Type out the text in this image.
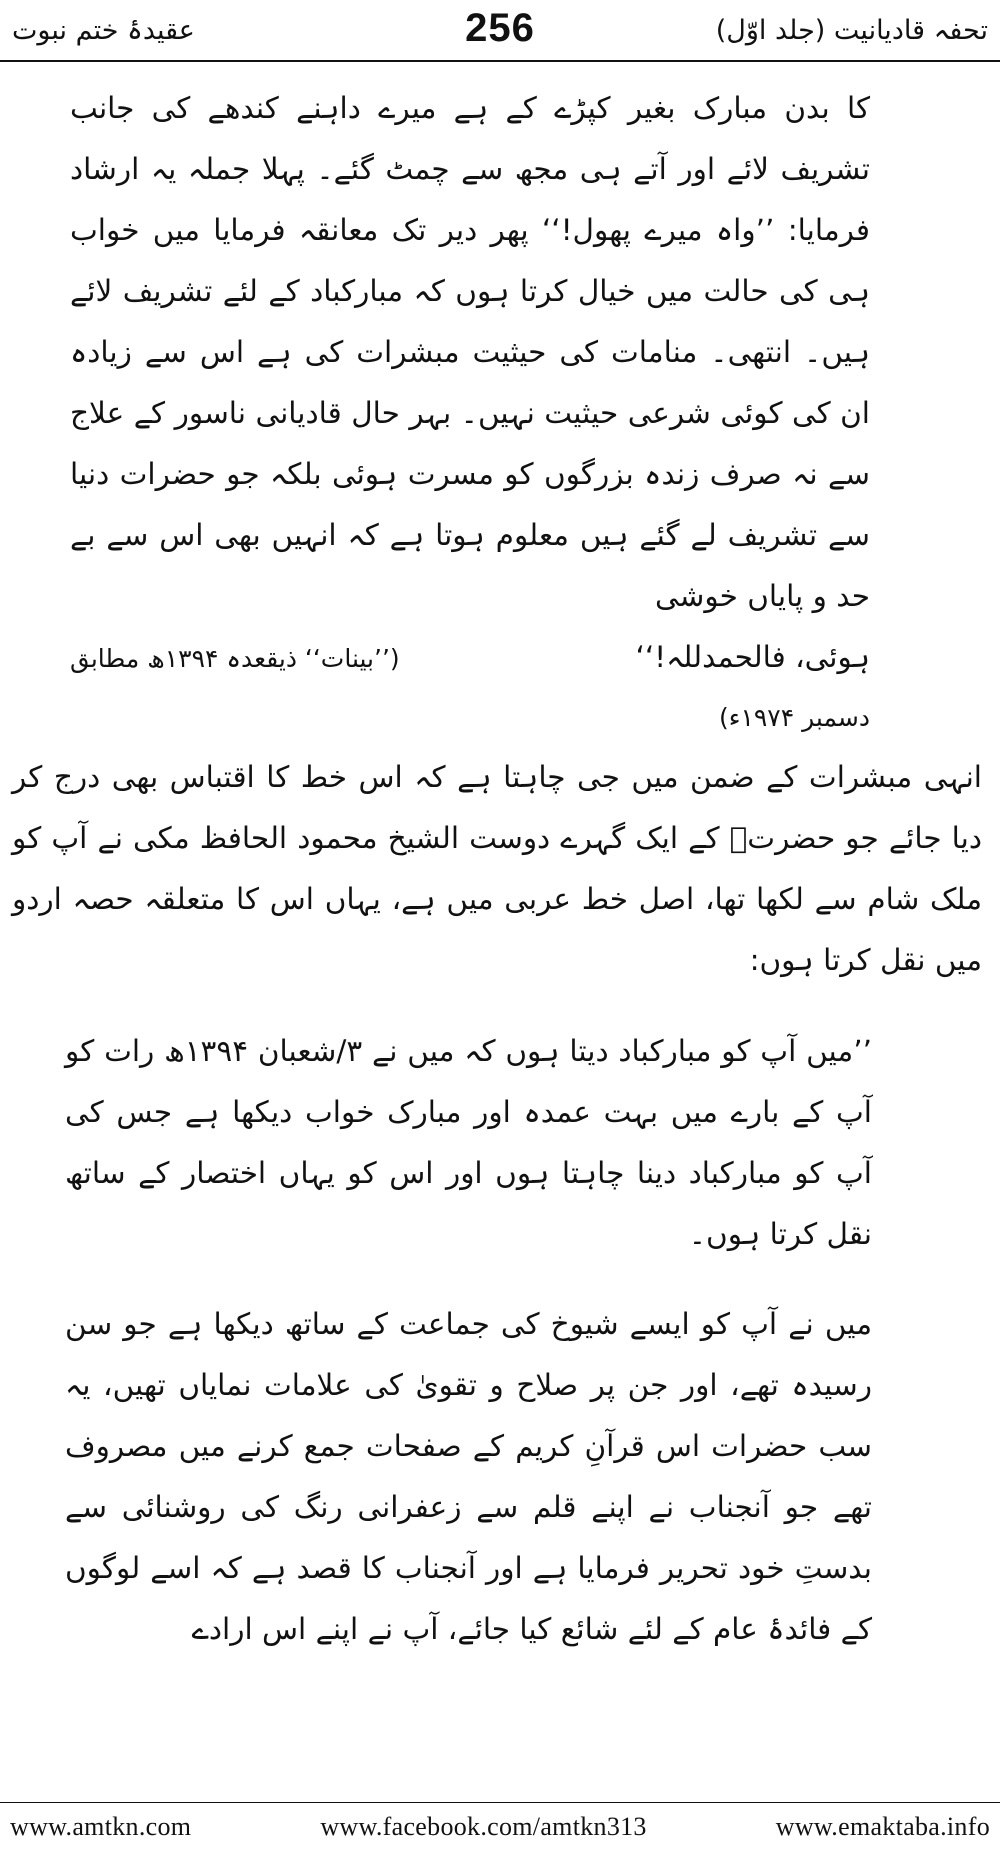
عقیدۂ ختم نبوت	256	تحفہ قادیانیت (جلد اوّل)

کا بدن مبارک بغیر کپڑے کے ہے میرے داہنے کندھے کی جانب تشریف لائے اور آتے ہی مجھ سے چمٹ گئے۔ پہلا جملہ یہ ارشاد فرمایا: ’’واہ میرے پھول!‘‘ پھر دیر تک معانقہ فرمایا میں خواب ہی کی حالت میں خیال کرتا ہوں کہ مبارکباد کے لئے تشریف لائے ہیں۔ انتھی۔ منامات کی حیثیت مبشرات کی ہے اس سے زیادہ ان کی کوئی شرعی حیثیت نہیں۔ بہر حال قادیانی ناسور کے علاج سے نہ صرف زندہ بزرگوں کو مسرت ہوئی بلکہ جو حضرات دنیا سے تشریف لے گئے ہیں معلوم ہوتا ہے کہ انہیں بھی اس سے بے حد و پایاں خوشی

ہوئی، فالحمدللہ!‘‘
(’’بینات‘‘ ذیقعدہ ۱۳۹۴ھ مطابق
دسمبر ۱۹۷۴ء)

انہی مبشرات کے ضمن میں جی چاہتا ہے کہ اس خط کا اقتباس بھی درج کر دیا جائے جو حضرتؒ کے ایک گہرے دوست الشیخ محمود الحافظ مکی نے آپ کو ملک شام سے لکھا تھا، اصل خط عربی میں ہے، یہاں اس کا متعلقہ حصہ اردو میں نقل کرتا ہوں:

’’میں آپ کو مبارکباد دیتا ہوں کہ میں نے ۳/شعبان ۱۳۹۴ھ رات کو آپ کے بارے میں بہت عمدہ اور مبارک خواب دیکھا ہے جس کی آپ کو مبارکباد دینا چاہتا ہوں اور اس کو یہاں اختصار کے ساتھ نقل کرتا ہوں۔

میں نے آپ کو ایسے شیوخ کی جماعت کے ساتھ دیکھا ہے جو سن رسیدہ تھے، اور جن پر صلاح و تقویٰ کی علامات نمایاں تھیں، یہ سب حضرات اس قرآنِ کریم کے صفحات جمع کرنے میں مصروف تھے جو آنجناب نے اپنے قلم سے زعفرانی رنگ کی روشنائی سے بدستِ خود تحریر فرمایا ہے اور آنجناب کا قصد ہے کہ اسے لوگوں کے فائدۂ عام کے لئے شائع کیا جائے، آپ نے اپنے اس ارادے

www.amtkn.com	www.facebook.com/amtkn313	www.emaktaba.info
